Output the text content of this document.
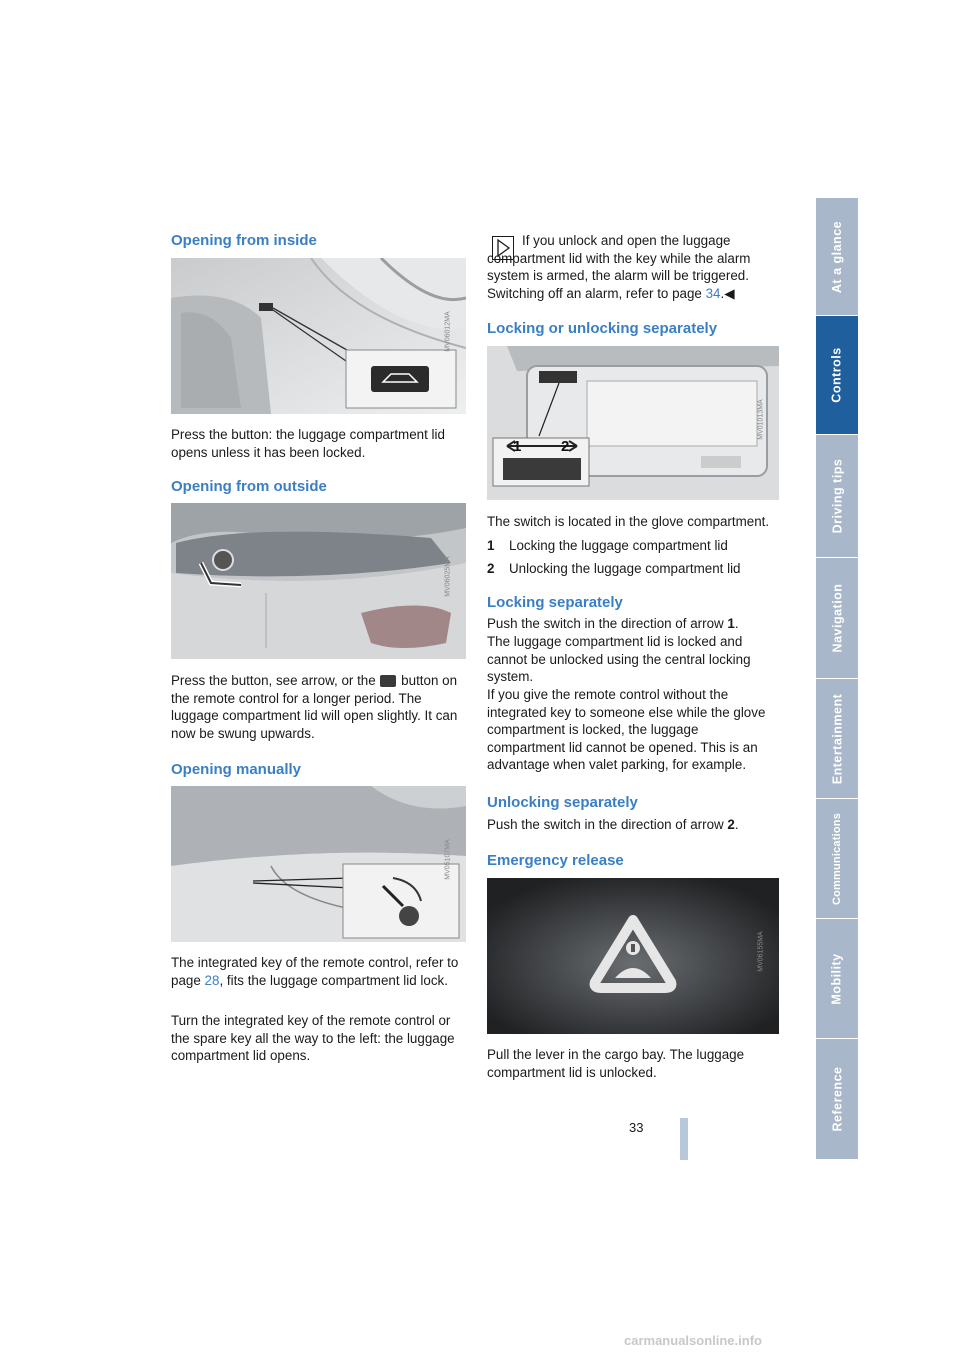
Opening from inside
MV06012MA

Press the button: the luggage compartment lid opens unless it has been locked.

Opening from outside
MV06025MA

Press the button, see arrow, or the button on the remote control for a longer period. The luggage compartment lid will open slightly. It can now be swung upwards.

Opening manually
MV05107MA

The integrated key of the remote control, refer to page 28, fits the luggage compartment lid lock.

Turn the integrated key of the remote control or the spare key all the way to the left: the luggage compartment lid opens.

If you unlock and open the luggage compartment lid with the key while the alarm system is armed, the alarm will be triggered. Switching off an alarm, refer to page 34.◀

Locking or unlocking separately
1	2
MV01013MA

The switch is located in the glove compartment.

1 Locking the luggage compartment lid

2 Unlocking the luggage compartment lid

Locking separately

Push the switch in the direction of arrow 1.

The luggage compartment lid is locked and cannot be unlocked using the central locking system.

If you give the remote control without the integrated key to someone else while the glove compartment is locked, the luggage compartment lid cannot be opened. This is an advantage when valet parking, for example.

Unlocking separately

Push the switch in the direction of arrow 2.

Emergency release
MV06155MA

Pull the lever in the cargo bay. The luggage compartment lid is unlocked.

At a glance
Controls
Driving tips
Navigation
Entertainment
Communications
Mobility
Reference
33
carmanualsonline.info
